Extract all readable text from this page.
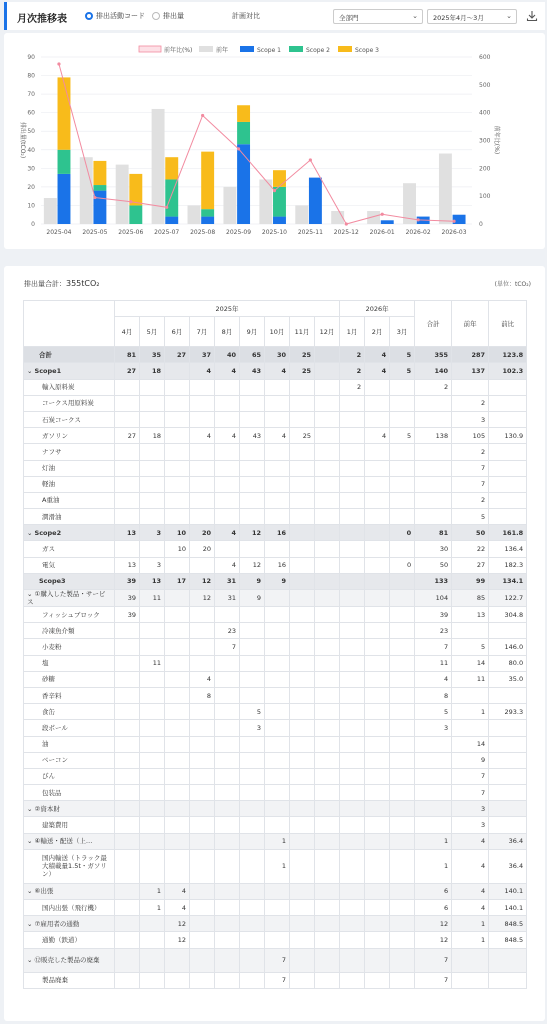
月次推移表	排出活動コード	排出量	計画対比	全部門	⌄	2025年4月～3月	⌄
前年比(%)	前年	Scope 1	Scope 2	Scope 3
0
10
20
30
40
50
60
70
80
90
0
100
200
300
400
500
600
排出量(tCO₂)	前年比(%)
2025-04 2025-05 2025-06 2025-07 2025-08 2025-09 2025-10 2025-11 2025-12 2026-01 2026-02 2026-03
排出量合計：355tCO₂	(単位：tCO₂)
	2025年									2026年			合計	前年	前比
	4月	5月	6月	7月	8月	9月	10月	11月	12月	1月	2月	3月			
合計	81	35	27	37	40	65	30	25		2	4	5	355	287	123.8
⌄ Scope1	27	18		4	4	43	4	25		2	4	5	140	137	102.3
輸入原料炭										2			2		
コークス用原料炭														2	
石炭コークス														3	
ガソリン	27	18		4	4	43	4	25			4	5	138	105	130.9
ナフサ														2	
灯油														7	
軽油														7	
A重油														2	
潤滑油														5	
⌄ Scope2	13	3	10	20	4	12	16					0	81	50	161.8
ガス			10	20									30	22	136.4
電気	13	3			4	12	16					0	50	27	182.3
Scope3	39	13	17	12	31	9	9						133	99	134.1
⌄ ①購入した製品・サービス	39	11		12	31	9							104	85	122.7
フィッシュブロック	39												39	13	304.8
冷凍魚介類					23								23		
小麦粉					7								7	5	146.0
塩		11											11	14	80.0
砂糖				4									4	11	35.0
香辛料				8									8		
食缶						5							5	1	293.3
段ボール						3							3		
油														14	
ベーコン														9	
びん														7	
包装品														7	
⌄ ②資本財														3	
建築費用														3	
⌄ ④輸送・配送（上…							1						1	4	36.4
国内輸送（トラック最大積載量1.5t・ガソリン）							1						1	4	36.4
⌄ ⑥出張		1	4										6	4	140.1
国内出張（飛行機）		1	4										6	4	140.1
⌄ ⑦雇用者の通勤			12										12	1	848.5
通勤（鉄道）			12										12	1	848.5
⌄ ⑫販売した製品の廃棄							7						7		
製品廃棄							7						7		
